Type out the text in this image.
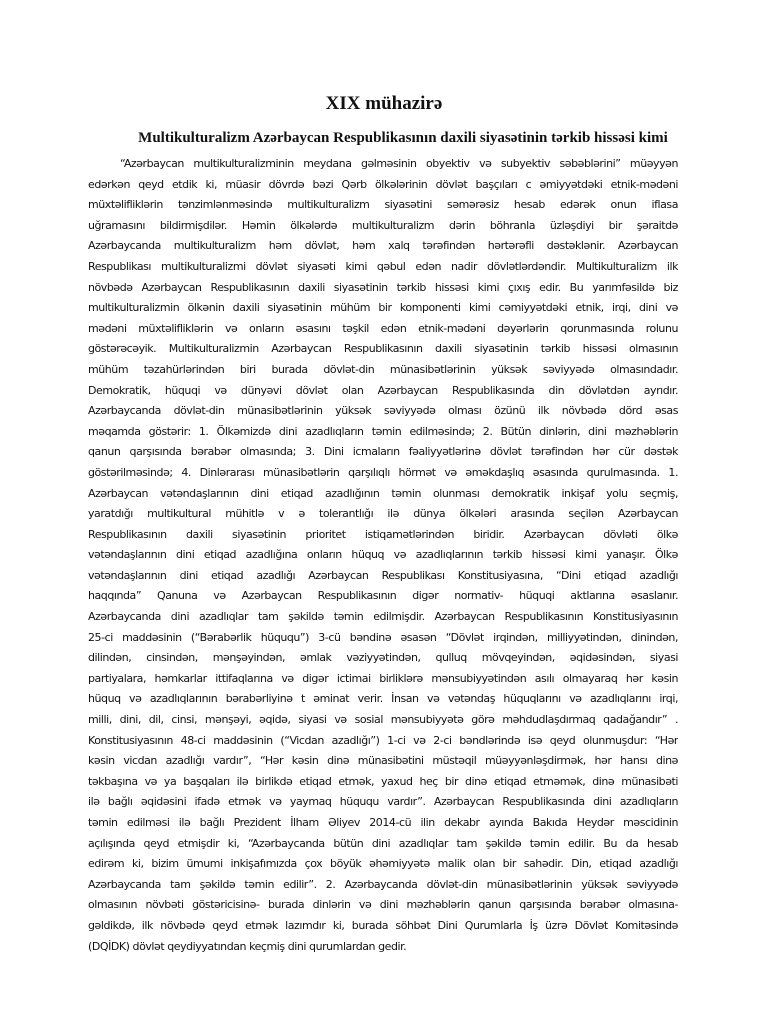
XIX mühazirə
Multikulturalizm Azərbaycan Respublikasının daxili siyasətinin tərkib hissəsi kimi
“Azərbaycan multikulturalizminin meydana gəlməsinin obyektiv və subyektiv səbəblərini” müəyyən
edərkən qeyd etdik ki, müasir dövrdə bəzi Qərb ölkələrinin dövlət başçıları c əmiyyətdəki etnik-mədəni
müxtəlifliklərin tənzimlənməsində multikulturalizm siyasətini səmərəsiz hesab edərək onun iflasa
uğramasını bildirmişdilər. Həmin ölkələrdə multikulturalizm dərin böhranla üzləşdiyi bir şəraitdə
Azərbaycanda multikulturalizm həm dövlət, həm xalq tərəfindən hərtərəfli dəstəklənir. Azərbaycan
Respublikası multikulturalizmi dövlət siyasəti kimi qəbul edən nadir dövlətlərdəndir. Multikulturalizm ilk
növbədə Azərbaycan Respublikasının daxili siyasətinin tərkib hissəsi kimi çıxış edir. Bu yarımfəsildə biz
multikulturalizmin ölkənin daxili siyasətinin mühüm bir komponenti kimi cəmiyyətdəki etnik, irqi, dini və
mədəni müxtəlifliklərin və onların əsasını təşkil edən etnik-mədəni dəyərlərin qorunmasında rolunu
göstərəcəyik. Multikulturalizmin Azərbaycan Respublikasının daxili siyasətinin tərkib hissəsi olmasının
mühüm təzahürlərindən biri burada dövlət-din münasibətlərinin yüksək səviyyədə olmasındadır.
Demokratik, hüquqi və dünyəvi dövlət olan Azərbaycan Respublikasında din dövlətdən ayrıdır.
Azərbaycanda dövlət-din münasibətlərinin yüksək səviyyədə olması özünü ilk növbədə dörd əsas
məqamda göstərir: 1. Ölkəmizdə dini azadlıqların təmin edilməsində; 2. Bütün dinlərin, dini məzhəblərin
qanun qarşısında bərabər olmasında; 3. Dini icmaların fəaliyyətlərinə dövlət tərəfindən hər cür dəstək
göstərilməsində; 4. Dinlərarası münasibətlərin qarşılıqlı hörmət və əməkdaşlıq əsasında qurulmasında. 1.
Azərbaycan vətəndaşlarının dini etiqad azadlığının təmin olunması demokratik inkişaf yolu seçmiş,
yaratdığı multikultural mühitlə v ə tolerantlığı ilə dünya ölkələri arasında seçilən Azərbaycan
Respublikasının daxili siyasətinin prioritet istiqamətlərindən biridir. Azərbaycan dövləti ölkə
vətəndaşlarının dini etiqad azadlığına onların hüquq və azadlıqlarının tərkib hissəsi kimi yanaşır. Ölkə
vətəndaşlarının dini etiqad azadlığı Azərbaycan Respublikası Konstitusiyasına, “Dini etiqad azadlığı
haqqında” Qanuna və Azərbaycan Respublikasının digər normativ- hüquqi aktlarına əsaslanır.
Azərbaycanda dini azadlıqlar tam şəkildə təmin edilmişdir. Azərbaycan Respublikasının Konstitusiyasının
25-ci maddəsinin (“Bərabərlik hüququ”) 3-cü bəndinə əsasən “Dövlət irqindən, milliyyətindən, dinindən,
dilindən, cinsindən, mənşəyindən, əmlak vəziyyətindən, qulluq mövqeyindən, əqidəsindən, siyasi
partiyalara, həmkarlar ittifaqlarına və digər ictimai birliklərə mənsubiyyətindən asılı olmayaraq hər kəsin
hüquq və azadlıqlarının bərabərliyinə t əminat verir. İnsan və vətəndaş hüquqlarını və azadlıqlarını irqi,
milli, dini, dil, cinsi, mənşəyi, əqidə, siyasi və sosial mənsubiyyətə görə məhdudlaşdırmaq qadağandır” .
Konstitusiyasının 48-ci maddəsinin (“Vicdan azadlığı”) 1-ci və 2-ci bəndlərində isə qeyd olunmuşdur: “Hər
kəsin vicdan azadlığı vardır”, “Hər kəsin dinə münasibətini müstəqil müəyyənləşdirmək, hər hansı dinə
təkbaşına və ya başqaları ilə birlikdə etiqad etmək, yaxud heç bir dinə etiqad etməmək, dinə münasibəti
ilə bağlı əqidəsini ifadə etmək və yaymaq hüququ vardır”. Azərbaycan Respublikasında dini azadlıqların
təmin edilməsi ilə bağlı Prezident İlham Əliyev 2014-cü ilin dekabr ayında Bakıda Heydər məscidinin
açılışında qeyd etmişdir ki, “Azərbaycanda bütün dini azadlıqlar tam şəkildə təmin edilir. Bu da hesab
edirəm ki, bizim ümumi inkişafımızda çox böyük əhəmiyyətə malik olan bir sahədir. Din, etiqad azadlığı
Azərbaycanda tam şəkildə təmin edilir”. 2. Azərbaycanda dövlət-din münasibətlərinin yüksək səviyyədə
olmasının növbəti göstəricisinə- burada dinlərin və dini məzhəblərin qanun qarşısında bərabər olmasına-
gəldikdə, ilk növbədə qeyd etmək lazımdır ki, burada söhbət Dini Qurumlarla İş üzrə Dövlət Komitəsində
(DQİDK) dövlət qeydiyyatından keçmiş dini qurumlardan gedir.
